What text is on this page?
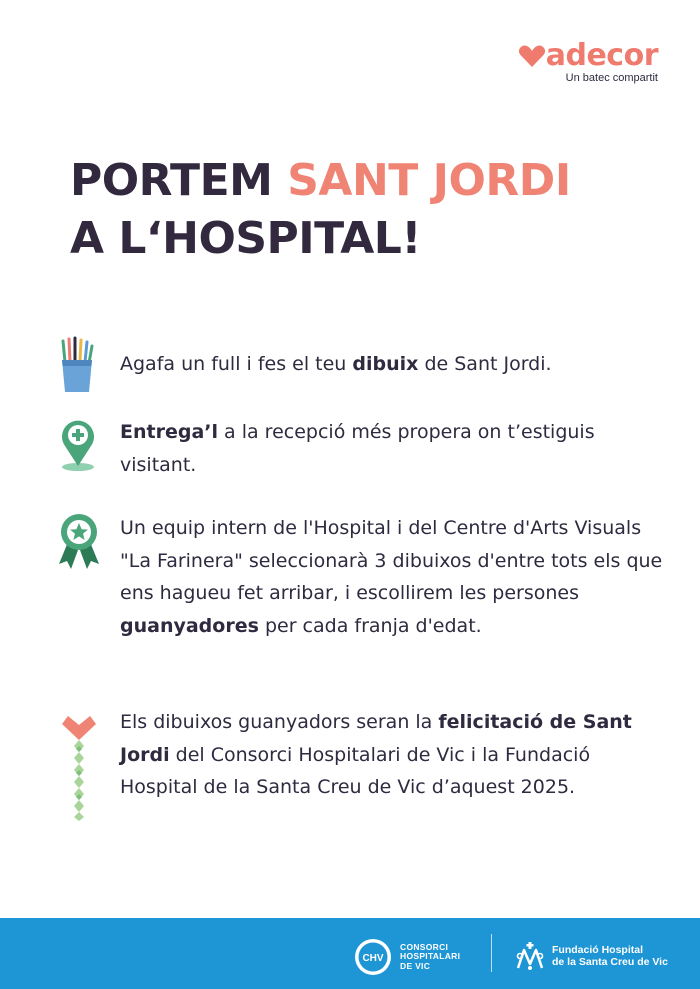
adecor
Un batec compartit
PORTEM SANT JORDI
A L‘HOSPITAL!
Agafa un full i fes el teu dibuix de Sant Jordi.
Entrega’l a la recepció més propera on t’estiguis visitant.
Un equip intern de l'Hospital i del Centre d'Arts Visuals "La Farinera" seleccionarà 3 dibuixos d'entre tots els que ens hagueu fet arribar, i escollirem les persones guanyadores per cada franja d'edat.
Els dibuixos guanyadors seran la felicitació de Sant Jordi del Consorci Hospitalari de Vic i la Fundació Hospital de la Santa Creu de Vic d’aquest 2025.
CHV
CONSORCI
HOSPITALARI
DE VIC
Fundació Hospital
de la Santa Creu de Vic
